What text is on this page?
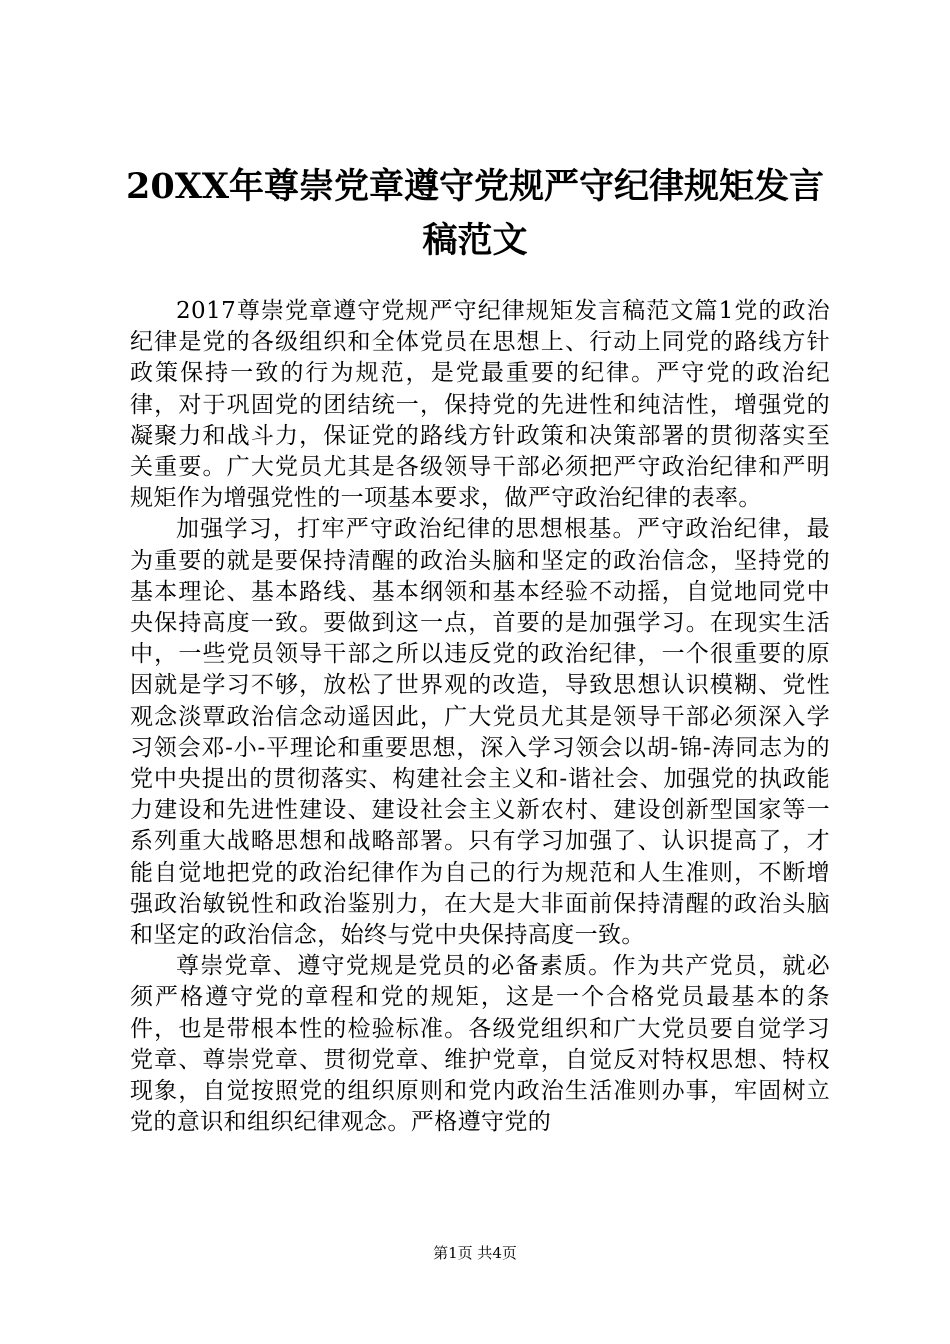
20XX年尊崇党章遵守党规严守纪律规矩发言稿范文

2017尊崇党章遵守党规严守纪律规矩发言稿范文篇1党的政治纪律是党的各级组织和全体党员在思想上、行动上同党的路线方针政策保持一致的行为规范，是党最重要的纪律。严守党的政治纪律，对于巩固党的团结统一，保持党的先进性和纯洁性，增强党的凝聚力和战斗力，保证党的路线方针政策和决策部署的贯彻落实至关重要。广大党员尤其是各级领导干部必须把严守政治纪律和严明规矩作为增强党性的一项基本要求，做严守政治纪律的表率。

加强学习，打牢严守政治纪律的思想根基。严守政治纪律，最为重要的就是要保持清醒的政治头脑和坚定的政治信念，坚持党的基本理论、基本路线、基本纲领和基本经验不动摇，自觉地同党中央保持高度一致。要做到这一点，首要的是加强学习。在现实生活中，一些党员领导干部之所以违反党的政治纪律，一个很重要的原因就是学习不够，放松了世界观的改造，导致思想认识模糊、党性观念淡覃政治信念动遥因此，广大党员尤其是领导干部必须深入学习领会邓-小-平理论和重要思想，深入学习领会以胡-锦-涛同志为的党中央提出的贯彻落实、构建社会主义和-谐社会、加强党的执政能力建设和先进性建设、建设社会主义新农村、建设创新型国家等一系列重大战略思想和战略部署。只有学习加强了、认识提高了，才能自觉地把党的政治纪律作为自己的行为规范和人生准则，不断增强政治敏锐性和政治鉴别力，在大是大非面前保持清醒的政治头脑和坚定的政治信念，始终与党中央保持高度一致。

尊崇党章、遵守党规是党员的必备素质。作为共产党员，就必须严格遵守党的章程和党的规矩，这是一个合格党员最基本的条件，也是带根本性的检验标准。各级党组织和广大党员要自觉学习党章、尊崇党章、贯彻党章、维护党章，自觉反对特权思想、特权现象，自觉按照党的组织原则和党内政治生活准则办事，牢固树立党的意识和组织纪律观念。严格遵守党的

第1页 共4页
